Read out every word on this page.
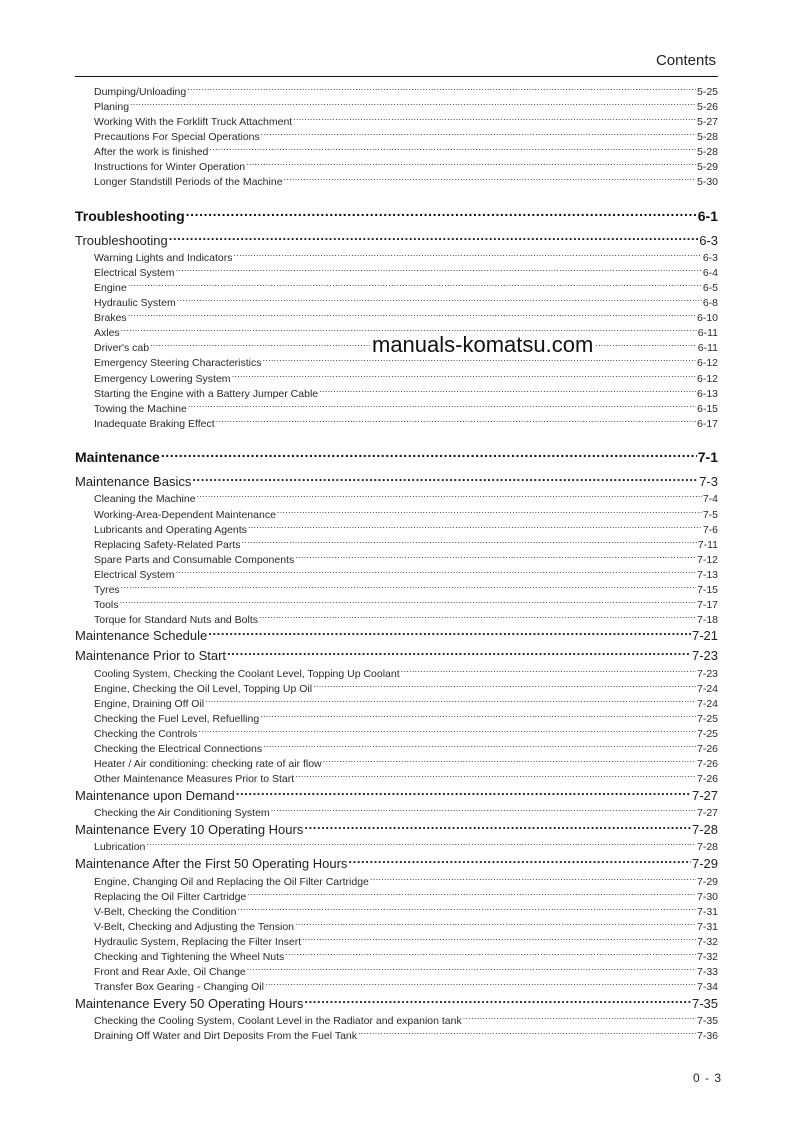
Contents
Dumping/Unloading .....	5-25
Planing .....	5-26
Working With the Forklift Truck Attachment .....	5-27
Precautions For Special Operations .....	5-28
After the work is finished .....	5-28
Instructions for Winter Operation .....	5-29
Longer Standstill Periods of the Machine .....	5-30
Troubleshooting .....	6-1
Troubleshooting .....	6-3
Warning Lights and Indicators .....	6-3
Electrical System .....	6-4
Engine .....	6-5
Hydraulic System .....	6-8
Brakes .....	6-10
Axles .....	6-11
Driver's cab .....	6-11
Emergency Steering Characteristics .....	6-12
Emergency Lowering System .....	6-12
Starting the Engine with a Battery Jumper Cable .....	6-13
Towing the Machine .....	6-15
Inadequate Braking Effect .....	6-17
Maintenance .....	7-1
Maintenance Basics .....	7-3
Cleaning the Machine .....	7-4
Working-Area-Dependent Maintenance .....	7-5
Lubricants and Operating Agents .....	7-6
Replacing Safety-Related Parts .....	7-11
Spare Parts and Consumable Components .....	7-12
Electrical System .....	7-13
Tyres .....	7-15
Tools .....	7-17
Torque for Standard Nuts and Bolts .....	7-18
Maintenance Schedule .....	7-21
Maintenance Prior to Start .....	7-23
Cooling System, Checking the Coolant Level, Topping Up Coolant .....	7-23
Engine, Checking the Oil Level, Topping Up Oil .....	7-24
Engine, Draining Off Oil .....	7-24
Checking the Fuel Level, Refuelling .....	7-25
Checking the Controls .....	7-25
Checking the Electrical Connections .....	7-26
Heater / Air conditioning: checking rate of air flow .....	7-26
Other Maintenance Measures Prior to Start .....	7-26
Maintenance upon Demand .....	7-27
Checking the Air Conditioning System .....	7-27
Maintenance Every 10 Operating Hours .....	7-28
Lubrication .....	7-28
Maintenance After the First 50 Operating Hours .....	7-29
Engine, Changing Oil and Replacing the Oil Filter Cartridge .....	7-29
Replacing the Oil Filter Cartridge .....	7-30
V-Belt, Checking the Condition .....	7-31
V-Belt, Checking and Adjusting the Tension .....	7-31
Hydraulic System, Replacing the Filter Insert .....	7-32
Checking and Tightening the Wheel Nuts .....	7-32
Front and Rear Axle, Oil Change .....	7-33
Transfer Box Gearing - Changing Oil .....	7-34
Maintenance Every 50 Operating Hours .....	7-35
Checking the Cooling System, Coolant Level in the Radiator and expanion tank .....	7-35
Draining Off Water and Dirt Deposits From the Fuel Tank .....	7-36
manuals-komatsu.com
0 - 3
